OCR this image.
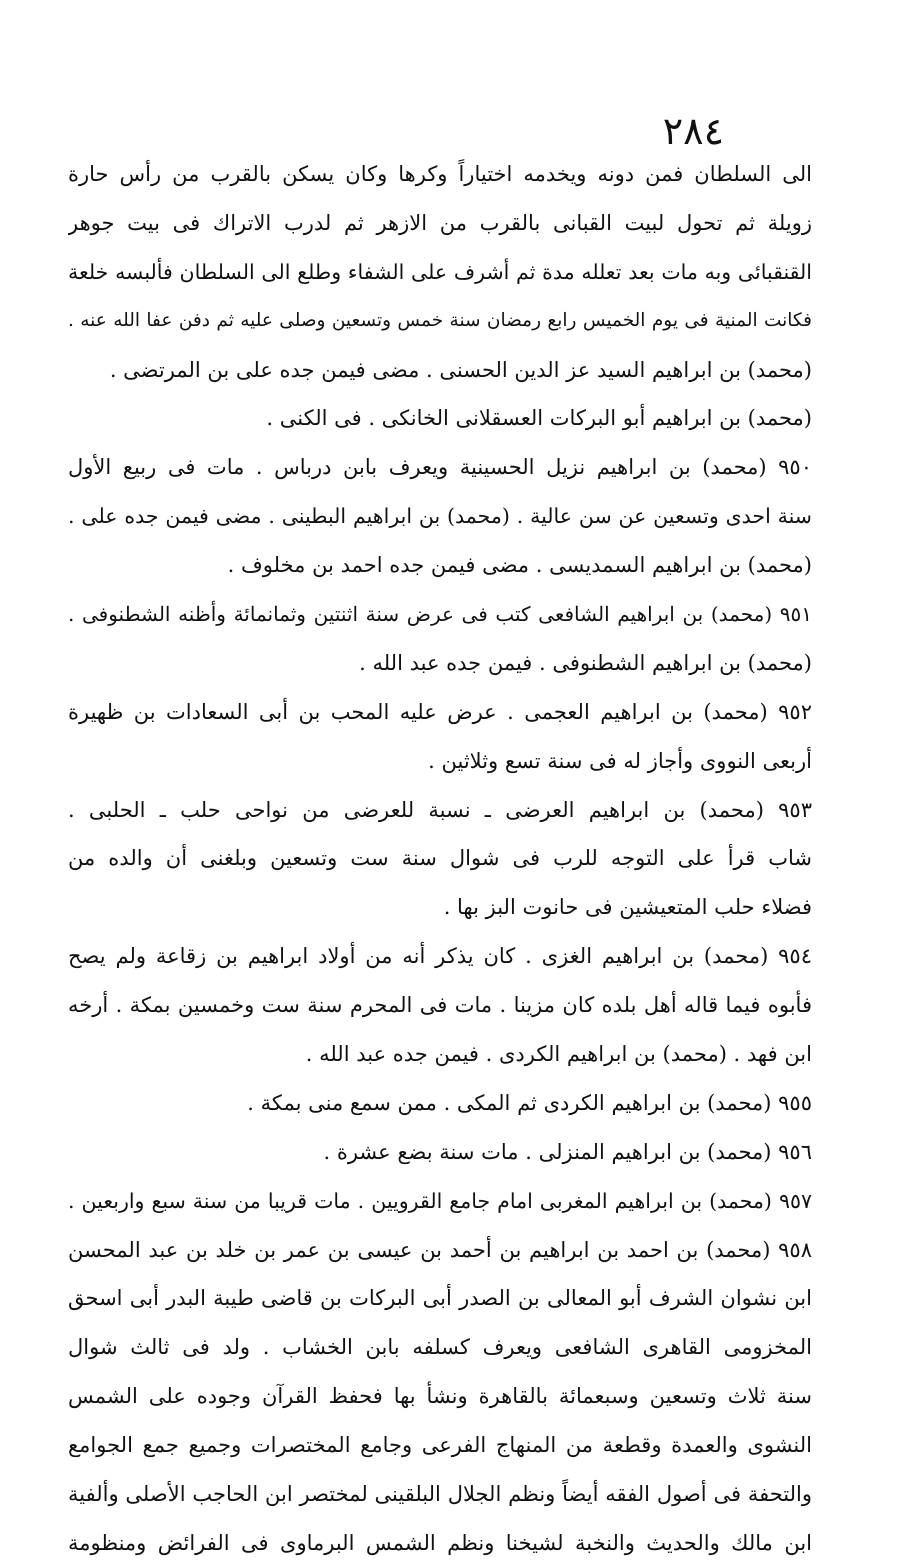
٢٨٤
الى السلطان فمن دونه ويخدمه اختياراً وكرها وكان يسكن بالقرب من رأس حارة
زويلة ثم تحول لبيت القبانى بالقرب من الازهر ثم لدرب الاتراك فى بيت جوهر
القنقبائى وبه مات بعد تعلله مدة ثم أشرف على الشفاء وطلع الى السلطان فألبسه خلعة
فكانت المنية فى يوم الخميس رابع رمضان سنة خمس وتسعين وصلى عليه ثم دفن عفا الله عنه .
(محمد) بن ابراهيم السيد عز الدين الحسنى . مضى فيمن جده على بن المرتضى .
(محمد) بن ابراهيم أبو البركات العسقلانى الخانكى . فى الكنى .
٩٥٠ (محمد) بن ابراهيم نزيل الحسينية ويعرف بابن درباس . مات فى ربيع الأول
سنة احدى وتسعين عن سن عالية . (محمد) بن ابراهيم البطينى . مضى فيمن جده على .
(محمد) بن ابراهيم السمديسى . مضى فيمن جده احمد بن مخلوف .
٩٥١ (محمد) بن ابراهيم الشافعى كتب فى عرض سنة اثنتين وثمانمائة وأظنه الشطنوفى .
(محمد) بن ابراهيم الشطنوفى . فيمن جده عبد الله .
٩٥٢ (محمد) بن ابراهيم العجمى . عرض عليه المحب بن أبى السعادات بن ظهيرة
أربعى النووى وأجاز له فى سنة تسع وثلاثين .
٩٥٣ (محمد) بن ابراهيم العرضى ـ نسبة للعرضى من نواحى حلب ـ الحلبى .
شاب قرأ على التوجه للرب فى شوال سنة ست وتسعين وبلغنى أن والده من
فضلاء حلب المتعيشين فى حانوت البز بها .
٩٥٤ (محمد) بن ابراهيم الغزى . كان يذكر أنه من أولاد ابراهيم بن زقاعة ولم يصح
فأبوه فيما قاله أهل بلده كان مزينا . مات فى المحرم سنة ست وخمسين بمكة . أرخه
ابن فهد . (محمد) بن ابراهيم الكردى . فيمن جده عبد الله .
٩٥٥ (محمد) بن ابراهيم الكردى ثم المكى . ممن سمع منى بمكة .
٩٥٦ (محمد) بن ابراهيم المنزلى . مات سنة بضع عشرة .
٩٥٧ (محمد) بن ابراهيم المغربى امام جامع القرويين . مات قريبا من سنة سبع واربعين .
٩٥٨ (محمد) بن احمد بن ابراهيم بن أحمد بن عيسى بن عمر بن خلد بن عبد المحسن
ابن نشوان الشرف أبو المعالى بن الصدر أبى البركات بن قاضى طيبة البدر أبى اسحق
المخزومى القاهرى الشافعى ويعرف كسلفه بابن الخشاب . ولد فى ثالث شوال
سنة ثلاث وتسعين وسبعمائة بالقاهرة ونشأ بها فحفظ القرآن وجوده على الشمس
النشوى والعمدة وقطعة من المنهاج الفرعى وجامع المختصرات وجميع جمع الجوامع
والتحفة فى أصول الفقه أيضاً ونظم الجلال البلقينى لمختصر ابن الحاجب الأصلى وألفية
ابن مالك والحديث والنخبة لشيخنا ونظم الشمس البرماوى فى الفرائض ومنظومة
